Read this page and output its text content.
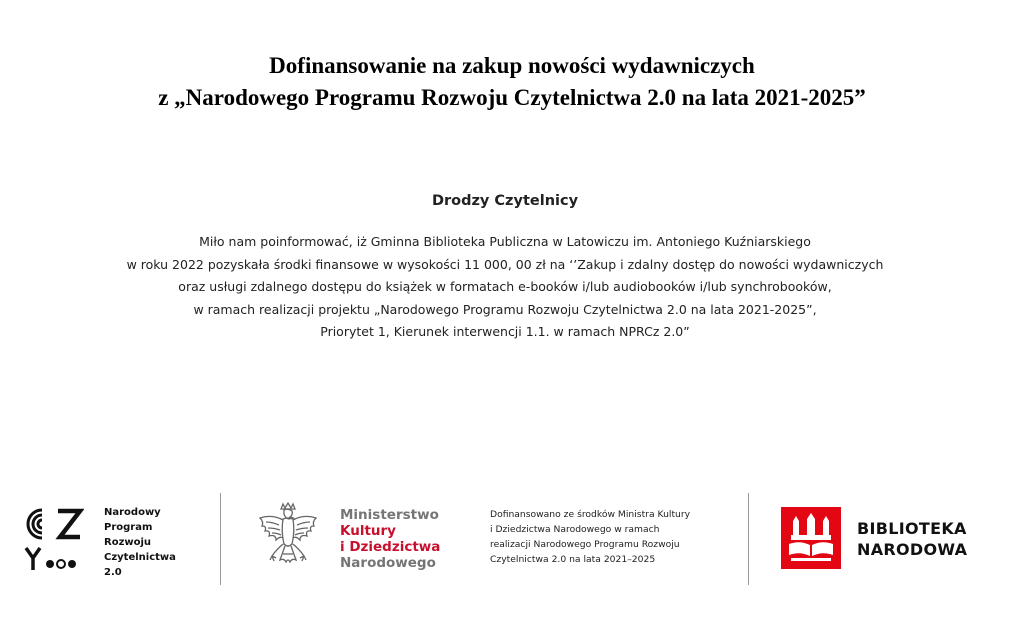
Dofinansowanie na zakup nowości wydawniczych
z „Narodowego Programu Rozwoju Czytelnictwa 2.0 na lata 2021-2025”
Drodzy Czytelnicy
Miło nam poinformować, iż Gminna Biblioteka Publiczna w Latowiczu im. Antoniego Kuźniarskiego
w roku 2022 pozyskała środki finansowe w wysokości 11 000, 00 zł na ‘’Zakup i zdalny dostęp do nowości wydawniczych
oraz usługi zdalnego dostępu do książek w formatach e-booków i/lub audiobooków i/lub synchrobooków,
w ramach realizacji projektu „Narodowego Programu Rozwoju Czytelnictwa 2.0 na lata 2021-2025”,
Priorytet 1, Kierunek interwencji 1.1. w ramach NPRCz 2.0”
Narodowy
Program
Rozwoju
Czytelnictwa
2.0
Ministerstwo
Kultury
i Dziedzictwa
Narodowego
Dofinansowano ze środków Ministra Kultury
i Dziedzictwa Narodowego w ramach
realizacji Narodowego Programu Rozwoju
Czytelnictwa 2.0 na lata 2021–2025
BIBLIOTEKA
NARODOWA
